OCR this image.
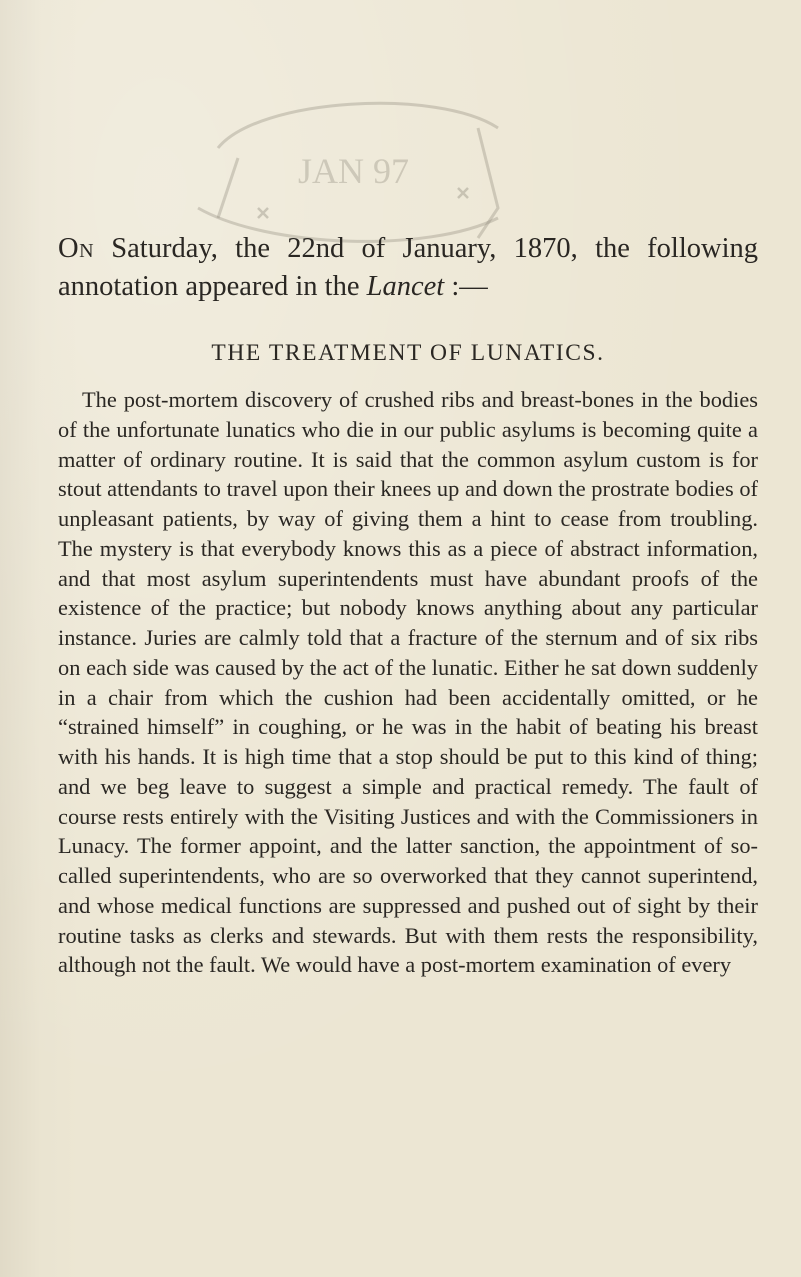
JAN 97

On Saturday, the 22nd of January, 1870, the following annotation appeared in the Lancet :—

THE TREATMENT OF LUNATICS.

The post-mortem discovery of crushed ribs and breast-bones in the bodies of the unfortunate lunatics who die in our public asylums is becoming quite a matter of ordinary routine. It is said that the common asylum custom is for stout attendants to travel upon their knees up and down the prostrate bodies of unpleasant patients, by way of giving them a hint to cease from troubling. The mystery is that everybody knows this as a piece of abstract information, and that most asylum superintendents must have abundant proofs of the existence of the practice; but nobody knows anything about any particular instance. Juries are calmly told that a fracture of the sternum and of six ribs on each side was caused by the act of the lunatic. Either he sat down suddenly in a chair from which the cushion had been accidentally omitted, or he “strained himself” in coughing, or he was in the habit of beating his breast with his hands. It is high time that a stop should be put to this kind of thing; and we beg leave to suggest a simple and practical remedy. The fault of course rests entirely with the Visiting Justices and with the Commissioners in Lunacy. The former appoint, and the latter sanction, the appointment of so-called superintendents, who are so overworked that they cannot superintend, and whose medical functions are suppressed and pushed out of sight by their routine tasks as clerks and stewards. But with them rests the responsibility, although not the fault. We would have a post-mortem examination of every
